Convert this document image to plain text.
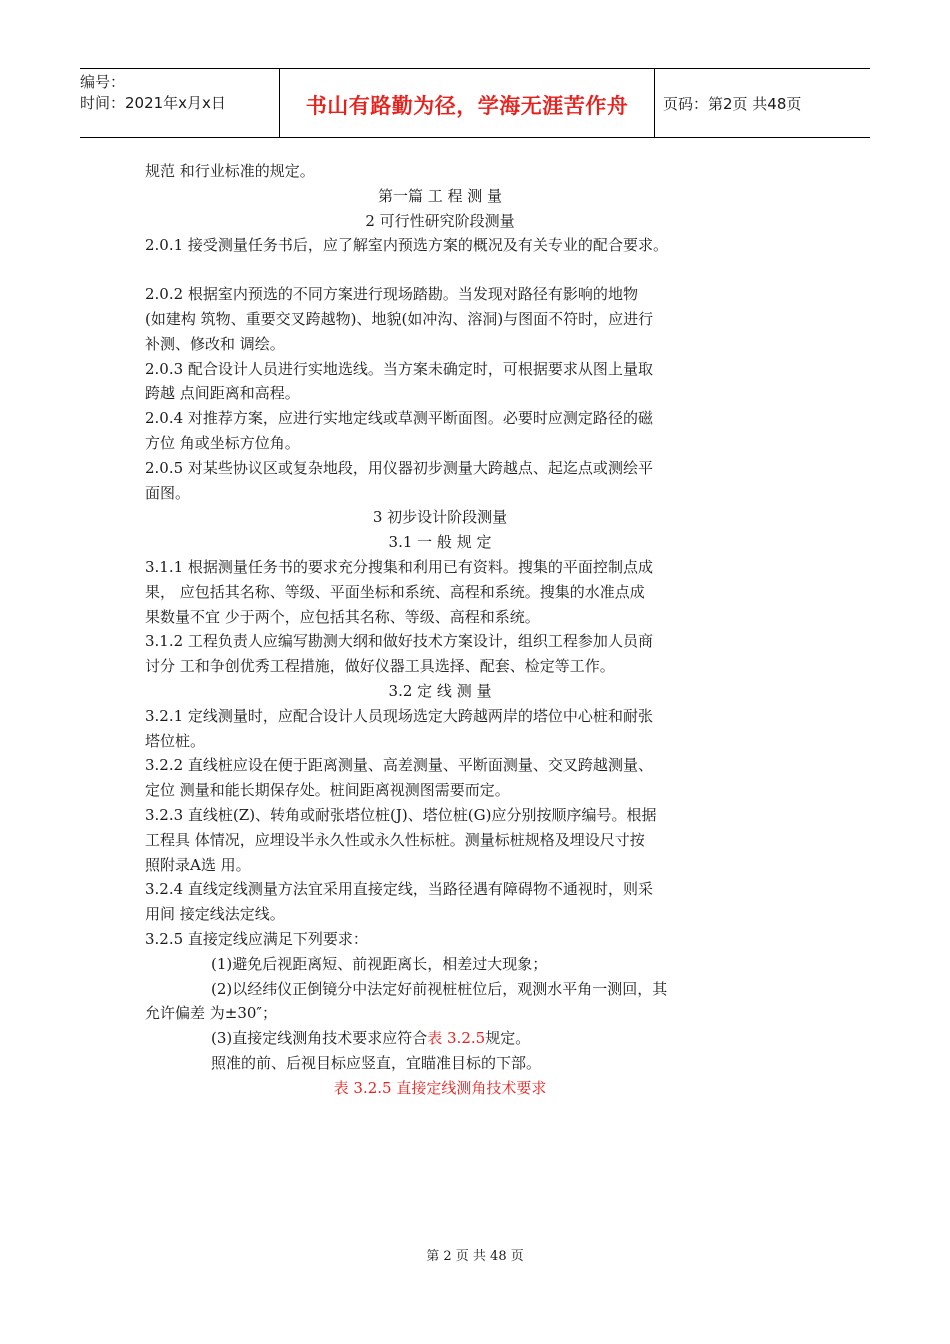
编号：
时间：2021年x月x日	书山有路勤为径，学海无涯苦作舟	页码：第2页 共48页

规范 和行业标准的规定。

第一篇 工 程 测 量

2 可行性研究阶段测量

2.0.1 接受测量任务书后，应了解室内预选方案的概况及有关专业的配合要求。

2.0.2 根据室内预选的不同方案进行现场踏勘。当发现对路径有影响的地物

(如建构 筑物、重要交叉跨越物)、地貌(如冲沟、溶洞)与图面不符时，应进行

补测、修改和 调绘。

2.0.3 配合设计人员进行实地选线。当方案未确定时，可根据要求从图上量取

跨越 点间距离和高程。

2.0.4 对推荐方案，应进行实地定线或草测平断面图。必要时应测定路径的磁

方位 角或坐标方位角。

2.0.5 对某些协议区或复杂地段，用仪器初步测量大跨越点、起迄点或测绘平

面图。

3 初步设计阶段测量

3.1 一 般 规 定

3.1.1 根据测量任务书的要求充分搜集和利用已有资料。搜集的平面控制点成

果， 应包括其名称、等级、平面坐标和系统、高程和系统。搜集的水准点成

果数量不宜 少于两个，应包括其名称、等级、高程和系统。

3.1.2 工程负责人应编写勘测大纲和做好技术方案设计，组织工程参加人员商

讨分 工和争创优秀工程措施，做好仪器工具选择、配套、检定等工作。

3.2 定 线 测 量

3.2.1 定线测量时，应配合设计人员现场选定大跨越两岸的塔位中心桩和耐张

塔位桩。

3.2.2 直线桩应设在便于距离测量、高差测量、平断面测量、交叉跨越测量、

定位 测量和能长期保存处。桩间距离视测图需要而定。

3.2.3 直线桩(Z)、转角或耐张塔位桩(J)、塔位桩(G)应分别按顺序编号。根据

工程具 体情况，应埋设半永久性或永久性标桩。测量标桩规格及埋设尺寸按

照附录A选 用。

3.2.4 直线定线测量方法宜采用直接定线，当路径遇有障碍物不通视时，则采

用间 接定线法定线。

3.2.5 直接定线应满足下列要求：

(1)避免后视距离短、前视距离长，相差过大现象；

(2)以经纬仪正倒镜分中法定好前视桩桩位后，观测水平角一测回，其

允许偏差 为±30″；

(3)直接定线测角技术要求应符合表 3.2.5规定。

照准的前、后视目标应竖直，宜瞄准目标的下部。

表 3.2.5 直接定线测角技术要求

第 2 页 共 48 页
